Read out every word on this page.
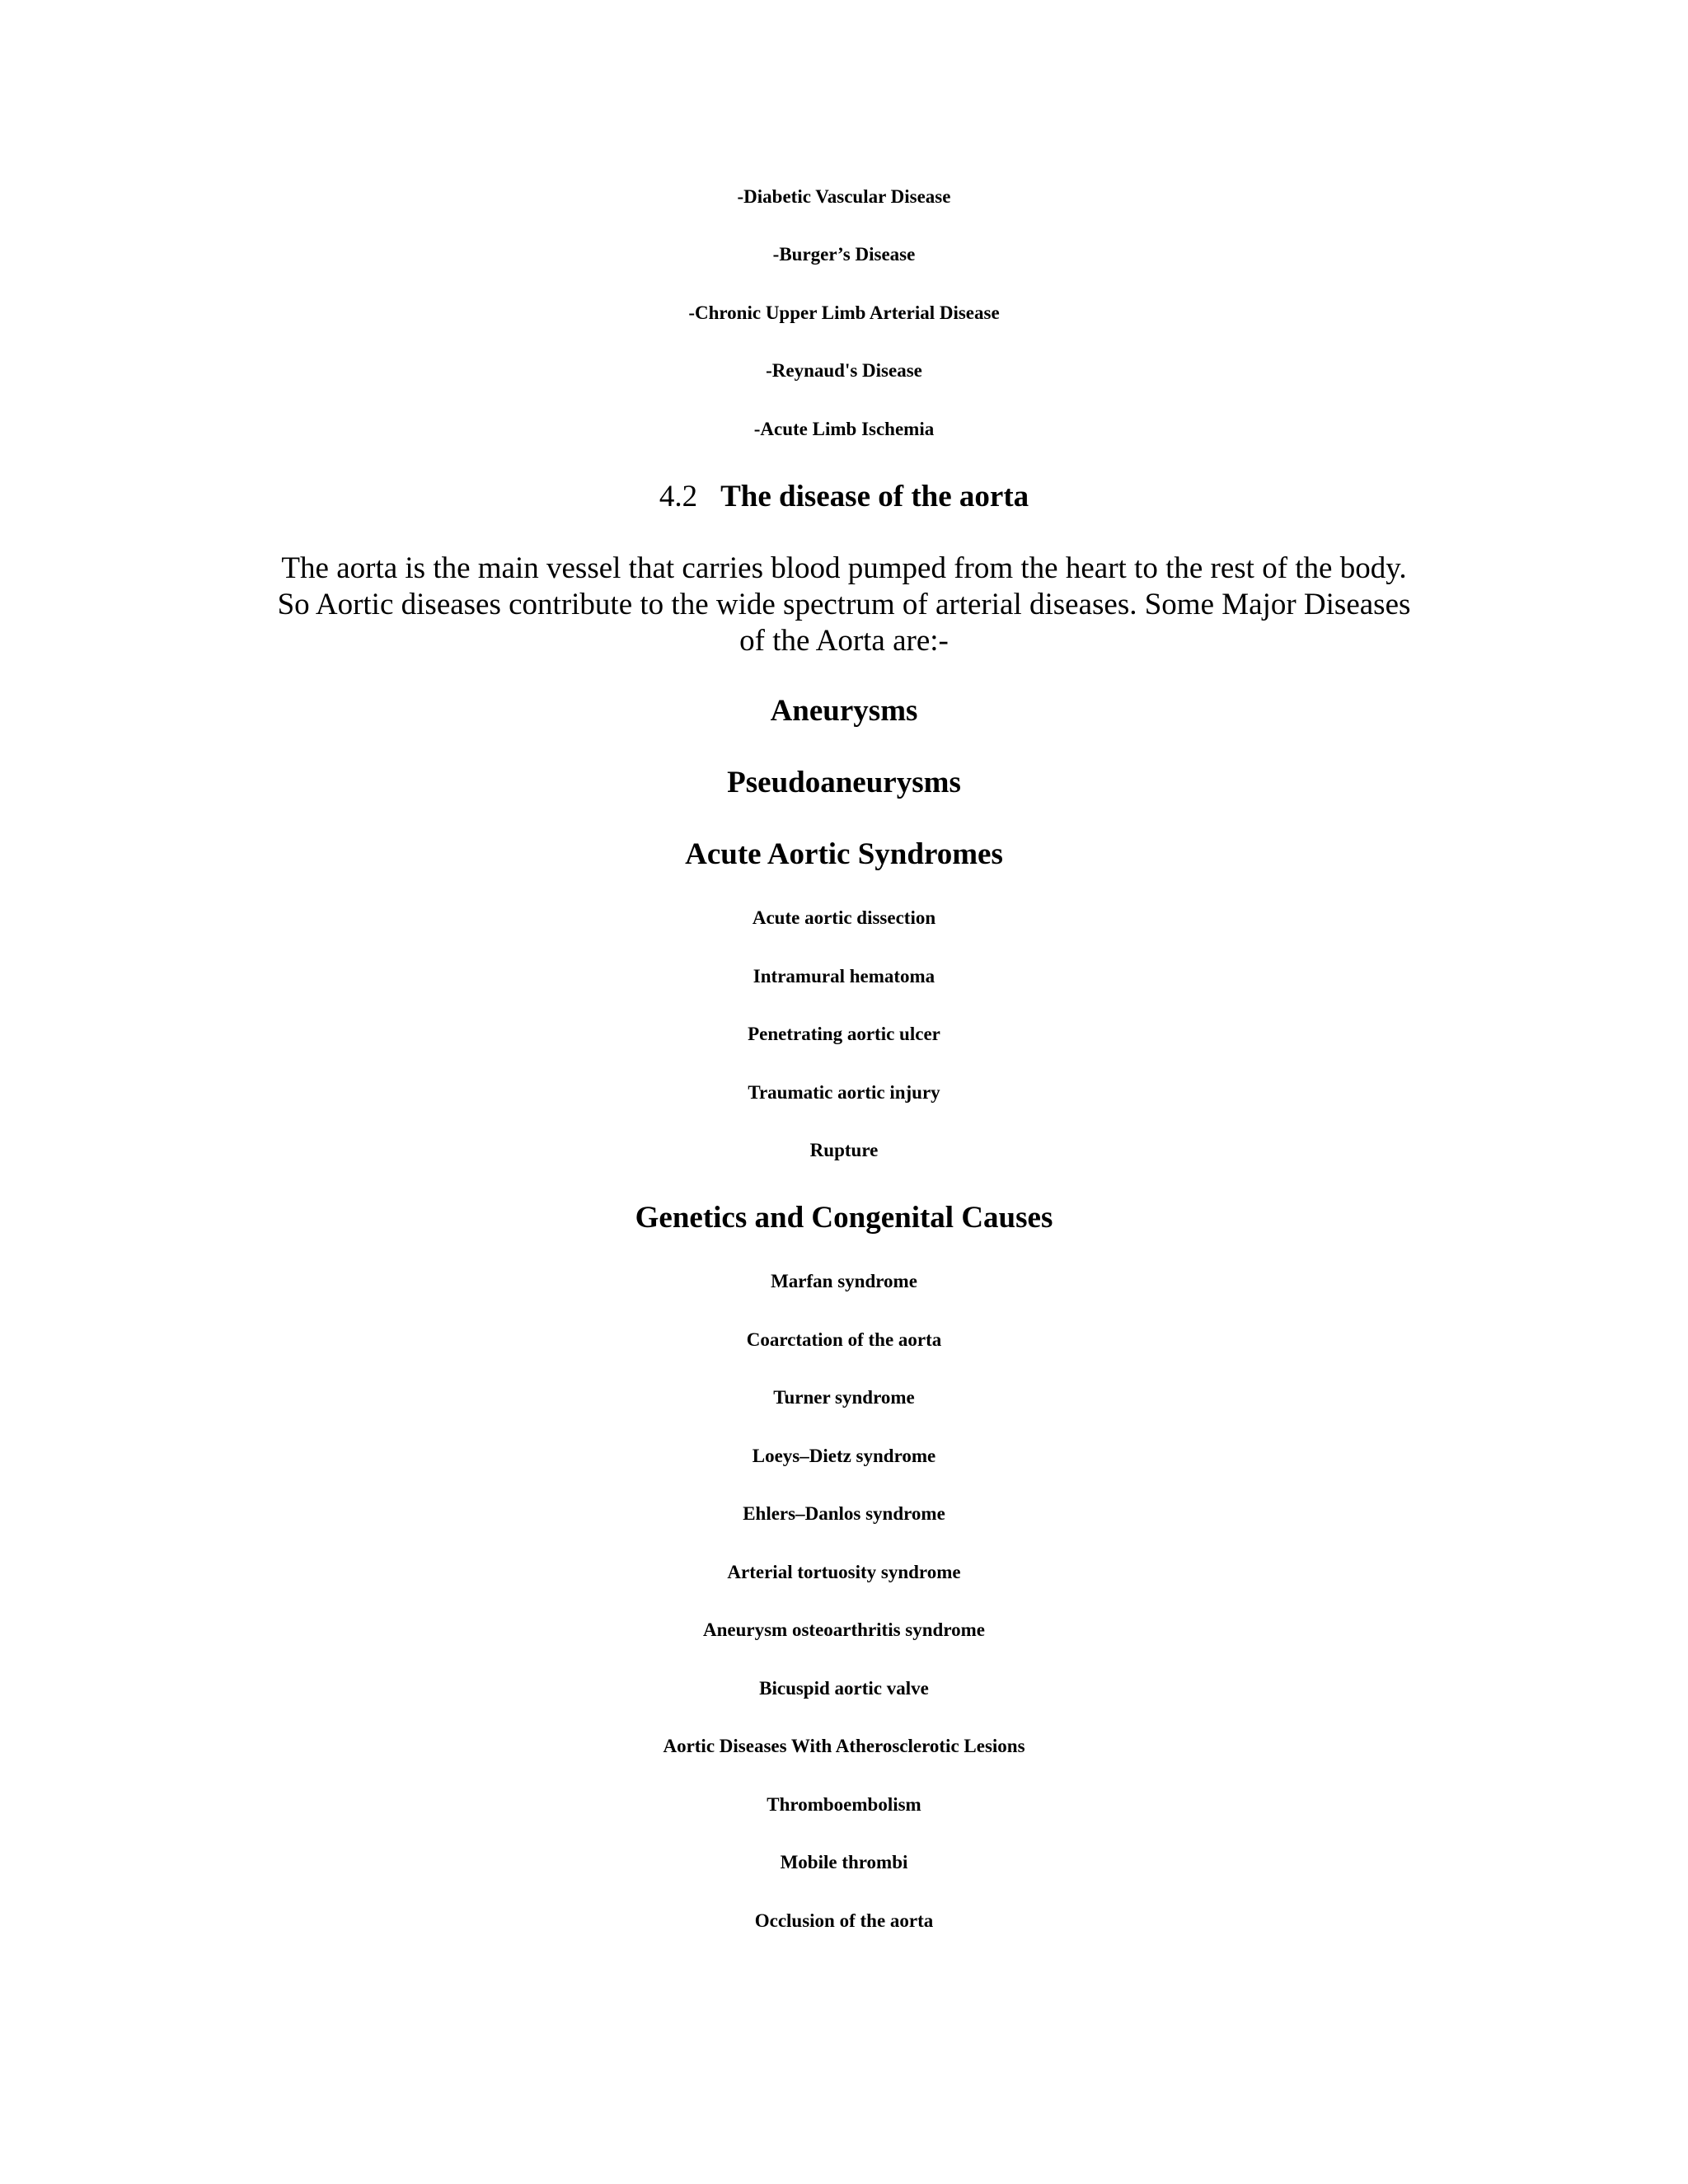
-Diabetic Vascular Disease
-Burger’s Disease
-Chronic Upper Limb Arterial Disease
-Reynaud's Disease
-Acute Limb Ischemia
4.2 The disease of the aorta
The aorta is the main vessel that carries blood pumped from the heart to the rest of the body.
So Aortic diseases contribute to the wide spectrum of arterial diseases. Some Major Diseases
of the Aorta are:-
Aneurysms
Pseudoaneurysms
Acute Aortic Syndromes
Acute aortic dissection
Intramural hematoma
Penetrating aortic ulcer
Traumatic aortic injury
Rupture
Genetics and Congenital Causes
Marfan syndrome
Coarctation of the aorta
Turner syndrome
Loeys–Dietz syndrome
Ehlers–Danlos syndrome
Arterial tortuosity syndrome
Aneurysm osteoarthritis syndrome
Bicuspid aortic valve
Aortic Diseases With Atherosclerotic Lesions
Thromboembolism
Mobile thrombi
Occlusion of the aorta
